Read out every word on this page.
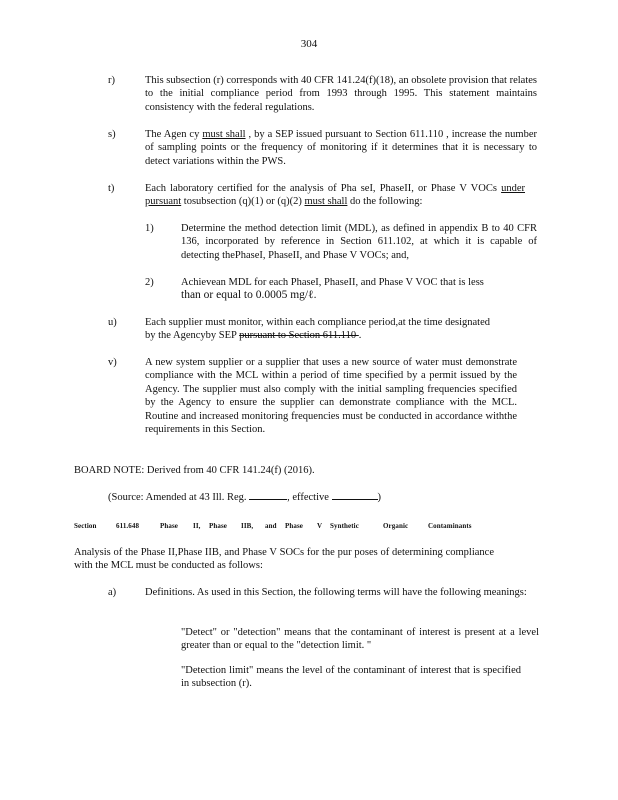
304
r)	This subsection (r) corresponds with 40 CFR 141.24(f)(18), an obsolete provision that relates to the initial compliance period from 1993 through 1995. This statement maintains consistency with the federal regulations.
s)	The Agen cy must shall , by a SEP issued pursuant to Section 611.110 , increase the number of sampling points or the frequency of monitoring if it determines that it is necessary to detect variations within the PWS.
t)	Each laboratory certified for the analysis of Pha seI, PhaseII, or Phase V VOCs under pursuant tosubsection (q)(1) or (q)(2) must shall do the following:
1)	Determine the method detection limit (MDL), as defined in appendix B to 40 CFR 136, incorporated by reference in Section 611.102, at which it is capable of detecting thePhaseI, PhaseII, and Phase V VOCs; and,
2)	Achievean MDL for each PhaseI, PhaseII, and Phase V VOC that is less
than or equal to 0.0005 mg/ℓ.
u)	Each supplier must monitor, within each compliance period,at the time designated by the Agencyby SEP pursuant to Section 611.110 .
v)	A new system supplier or a supplier that uses a new source of water must demonstrate compliance with the MCL within a period of time specified by a permit issued by the Agency. The supplier must also comply with the initial sampling frequencies specified by the Agency to ensure the supplier can demonstrate compliance with the MCL. Routine and increased monitoring frequencies must be conducted in accordance withthe requirements in this Section.
BOARD NOTE: Derived from 40 CFR 141.24(f) (2016).
(Source: Amended at 43 Ill. Reg.	, effective	)
Section	611.648	Phase II, Phase IIB, and Phase V Synthetic	Organic	Contaminants
Analysis of the Phase II,Phase IIB, and Phase V SOCs for the pur poses of determining compliance with the MCL must be conducted as follows:
a)	Definitions. As used in this Section, the following terms will have the following meanings:
"Detect" or "detection" means that the contaminant of interest is present at a level greater than or equal to the "detection limit. "
"Detection limit" means the level of the contaminant of interest that is specified in subsection (r).
